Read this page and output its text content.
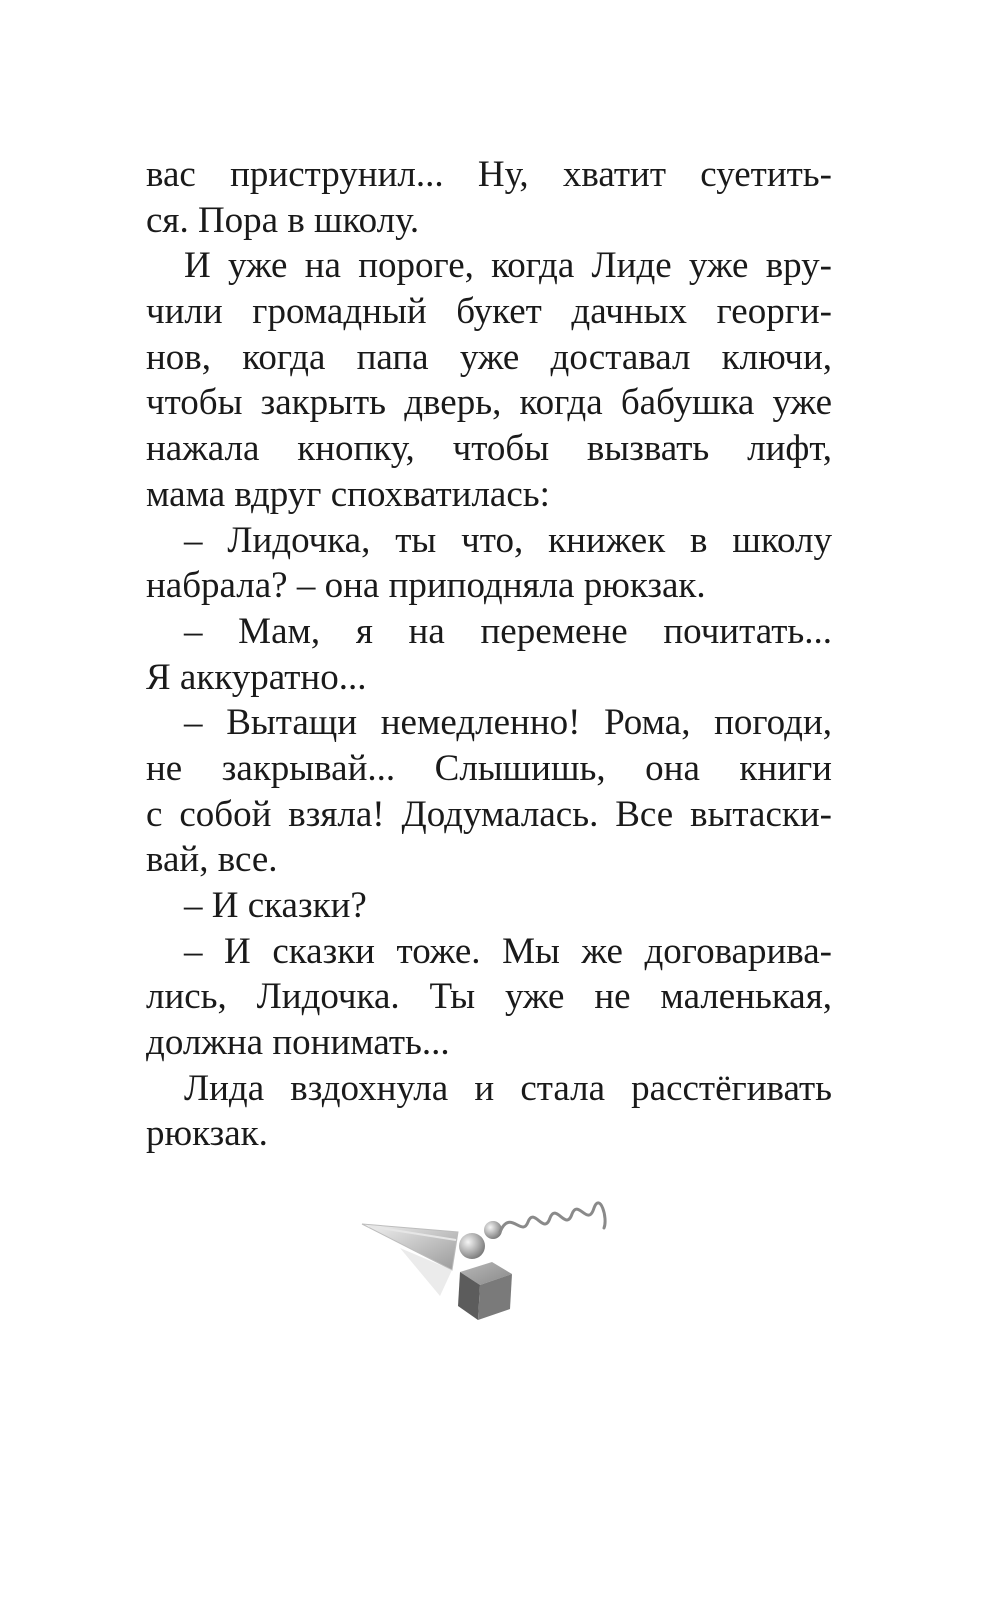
вас приструнил... Ну, хватит суетить-
ся. Пора в школу.
И уже на пороге, когда Лиде уже вру-
чили громадный букет дачных георги-
нов, когда папа уже доставал ключи,
чтобы закрыть дверь, когда бабушка уже
нажала кнопку, чтобы вызвать лифт,
мама вдруг спохватилась:
– Лидочка, ты что, книжек в школу
набрала? – она приподняла рюкзак.
– Мам, я на перемене почитать...
Я аккуратно...
– Вытащи немедленно! Рома, погоди,
не закрывай... Слышишь, она книги
с собой взяла! Додумалась. Все вытаски-
вай, все.
– И сказки?
– И сказки тоже. Мы же договарива-
лись, Лидочка. Ты уже не маленькая,
должна понимать...
Лида вздохнула и стала расстёгивать
рюкзак.
